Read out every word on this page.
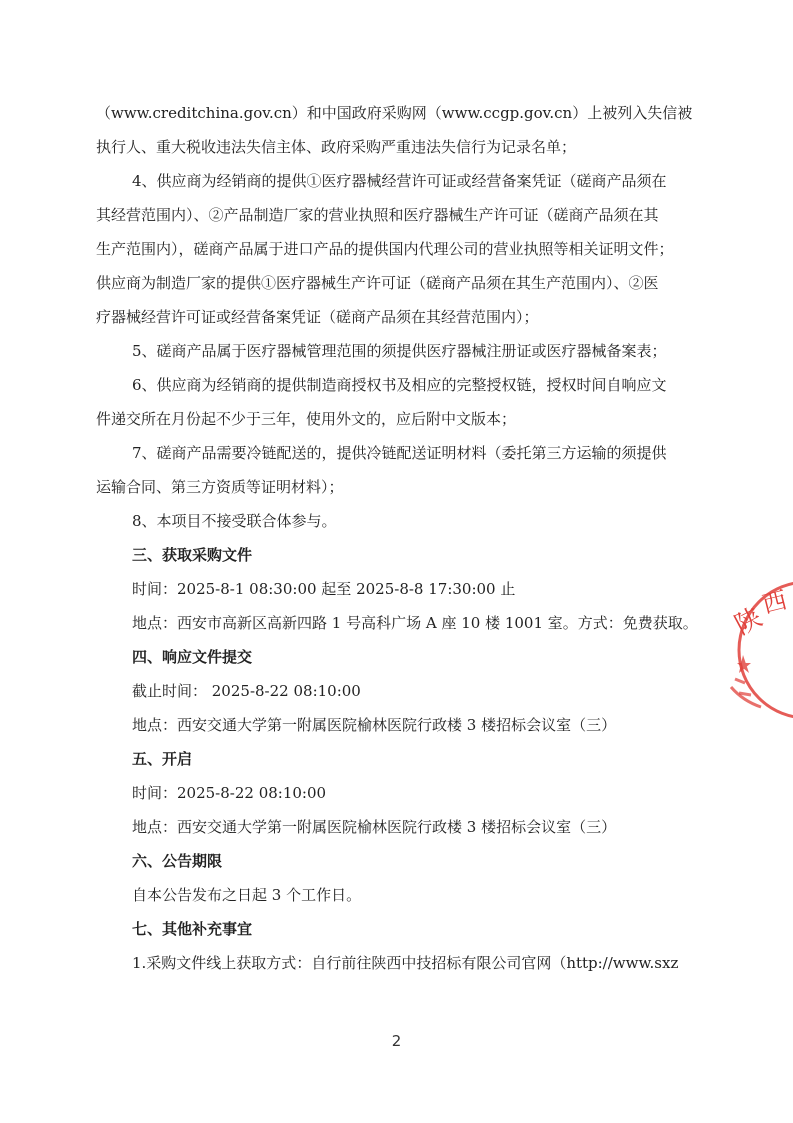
（www.creditchina.gov.cn）和中国政府采购网（www.ccgp.gov.cn）上被列入失信被
执行人、重大税收违法失信主体、政府采购严重违法失信行为记录名单；

4、供应商为经销商的提供①医疗器械经营许可证或经营备案凭证（磋商产品须在

其经营范围内）、②产品制造厂家的营业执照和医疗器械生产许可证（磋商产品须在其
生产范围内），磋商产品属于进口产品的提供国内代理公司的营业执照等相关证明文件；
供应商为制造厂家的提供①医疗器械生产许可证（磋商产品须在其生产范围内）、②医
疗器械经营许可证或经营备案凭证（磋商产品须在其经营范围内）；

5、磋商产品属于医疗器械管理范围的须提供医疗器械注册证或医疗器械备案表；

6、供应商为经销商的提供制造商授权书及相应的完整授权链，授权时间自响应文

件递交所在月份起不少于三年，使用外文的，应后附中文版本；

7、磋商产品需要冷链配送的，提供冷链配送证明材料（委托第三方运输的须提供

运输合同、第三方资质等证明材料）；

8、本项目不接受联合体参与。

三、获取采购文件

时间：2025-8-1 08:30:00 起至 2025-8-8 17:30:00 止

地点：西安市高新区高新四路 1 号高科广场 A 座 10 楼 1001 室。方式：免费获取。

四、响应文件提交

截止时间： 2025-8-22 08:10:00

地点：西安交通大学第一附属医院榆林医院行政楼 3 楼招标会议室（三）

五、开启

时间：2025-8-22 08:10:00

地点：西安交通大学第一附属医院榆林医院行政楼 3 楼招标会议室（三）

六、公告期限

自本公告发布之日起 3 个工作日。

七、其他补充事宜

1.采购文件线上获取方式：自行前往陕西中技招标有限公司官网（http://www.sxz

2
陕
西
